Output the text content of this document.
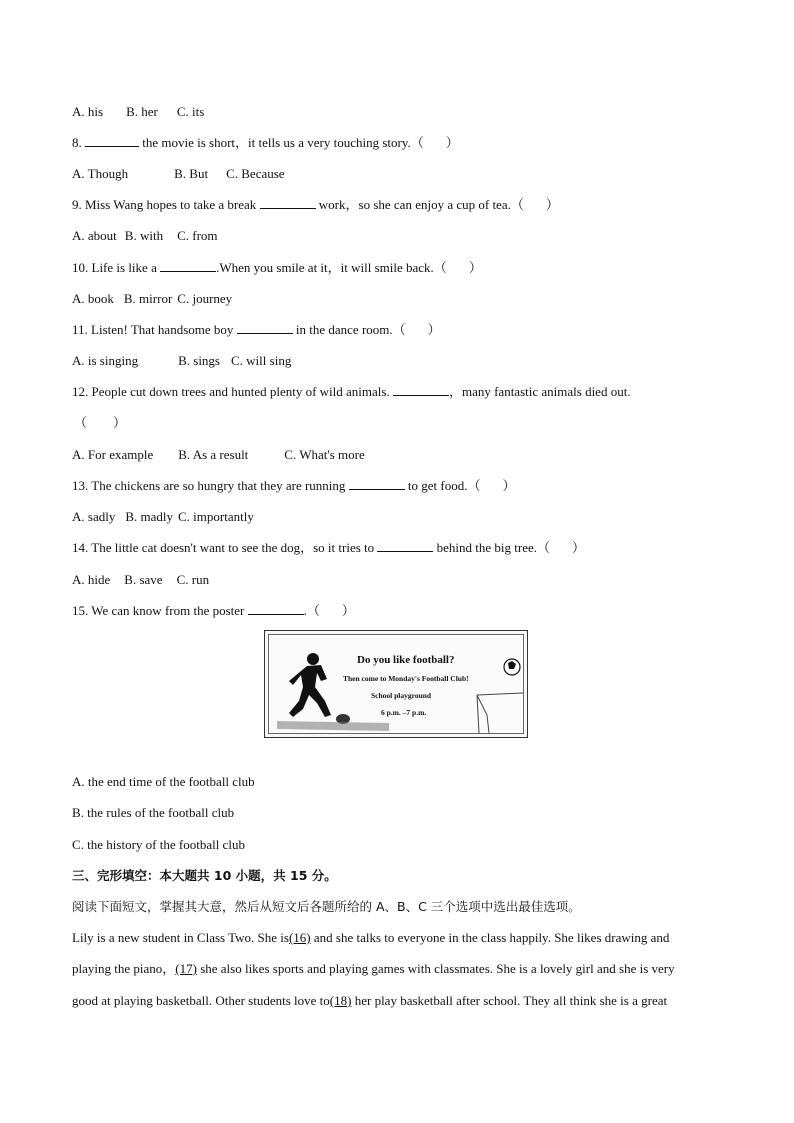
A. his B. her C. its
8.	the movie is short，it tells us a very touching story.（ ）
A. Though	B. But C. Because
9. Miss Wang hopes to take a break	work，so she can enjoy a cup of tea.（ ）
A. about B. with C. from
10. Life is like a	.When you smile at it，it will smile back.（ ）
A. book B. mirror C. journey
11. Listen! That handsome boy	in the dance room.（ ）
A. is singing	B. sings C. will sing
12. People cut down trees and hunted plenty of wild animals.	，many fantastic animals died out.
（　　）
A. For example B. As a result	C. What's more
13. The chickens are so hungry that they are running	to get food.（ ）
A. sadly B. madly C. importantly
14. The little cat doesn't want to see the dog，so it tries to	behind the big tree.（ ）
A. hide B. save C. run
15. We can know from the poster	.（ ）
Do you like football?
Then come to Monday's Football Club!
School playground
6 p.m. –7 p.m.
A. the end time of the football club
B. the rules of the football club
C. the history of the football club
三、完形填空：本大题共 10 小题，共 15 分。
阅读下面短文，掌握其大意，然后从短文后各题所给的 A、B、C 三个选项中选出最佳选项。
Lily is a new student in Class Two. She is(16) and she talks to everyone in the class happily. She likes drawing and
playing the piano，(17) she also likes sports and playing games with classmates. She is a lovely girl and she is very
good at playing basketball. Other students love to(18) her play basketball after school. They all think she is a great
